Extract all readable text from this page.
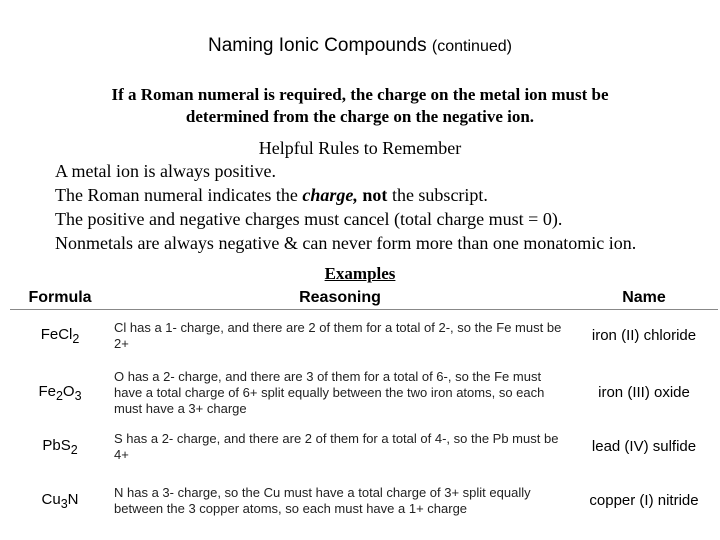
Naming Ionic Compounds (continued)
If a Roman numeral is required, the charge on the metal ion must be
determined from the charge on the negative ion.
Helpful Rules to Remember
A metal ion is always positive.
The Roman numeral indicates the charge, not the subscript.
The positive and negative charges must cancel (total charge must = 0).
Nonmetals are always negative & can never form more than one monatomic ion.
Examples
Formula	Reasoning	Name
FeCl$_2$	Cl has a 1- charge, and there are 2 of them for a total of 2-, so the Fe must be 2+	iron (II) chloride
$Fe_2O_3$	O has a 2- charge, and there are 3 of them for a total of 6-, so the Fe must have a total charge of 6+ split equally between the two iron atoms, so each must have a 3+ charge	iron (III) oxide
PbS$_2$	S has a 2- charge, and there are 2 of them for a total of 4-, so the Pb must be 4+	lead (IV) sulfide
$Cu_3N$	N has a 3- charge, so the Cu must have a total charge of 3+ split equally between the 3 copper atoms, so each must have a 1+ charge	copper (I) nitride
